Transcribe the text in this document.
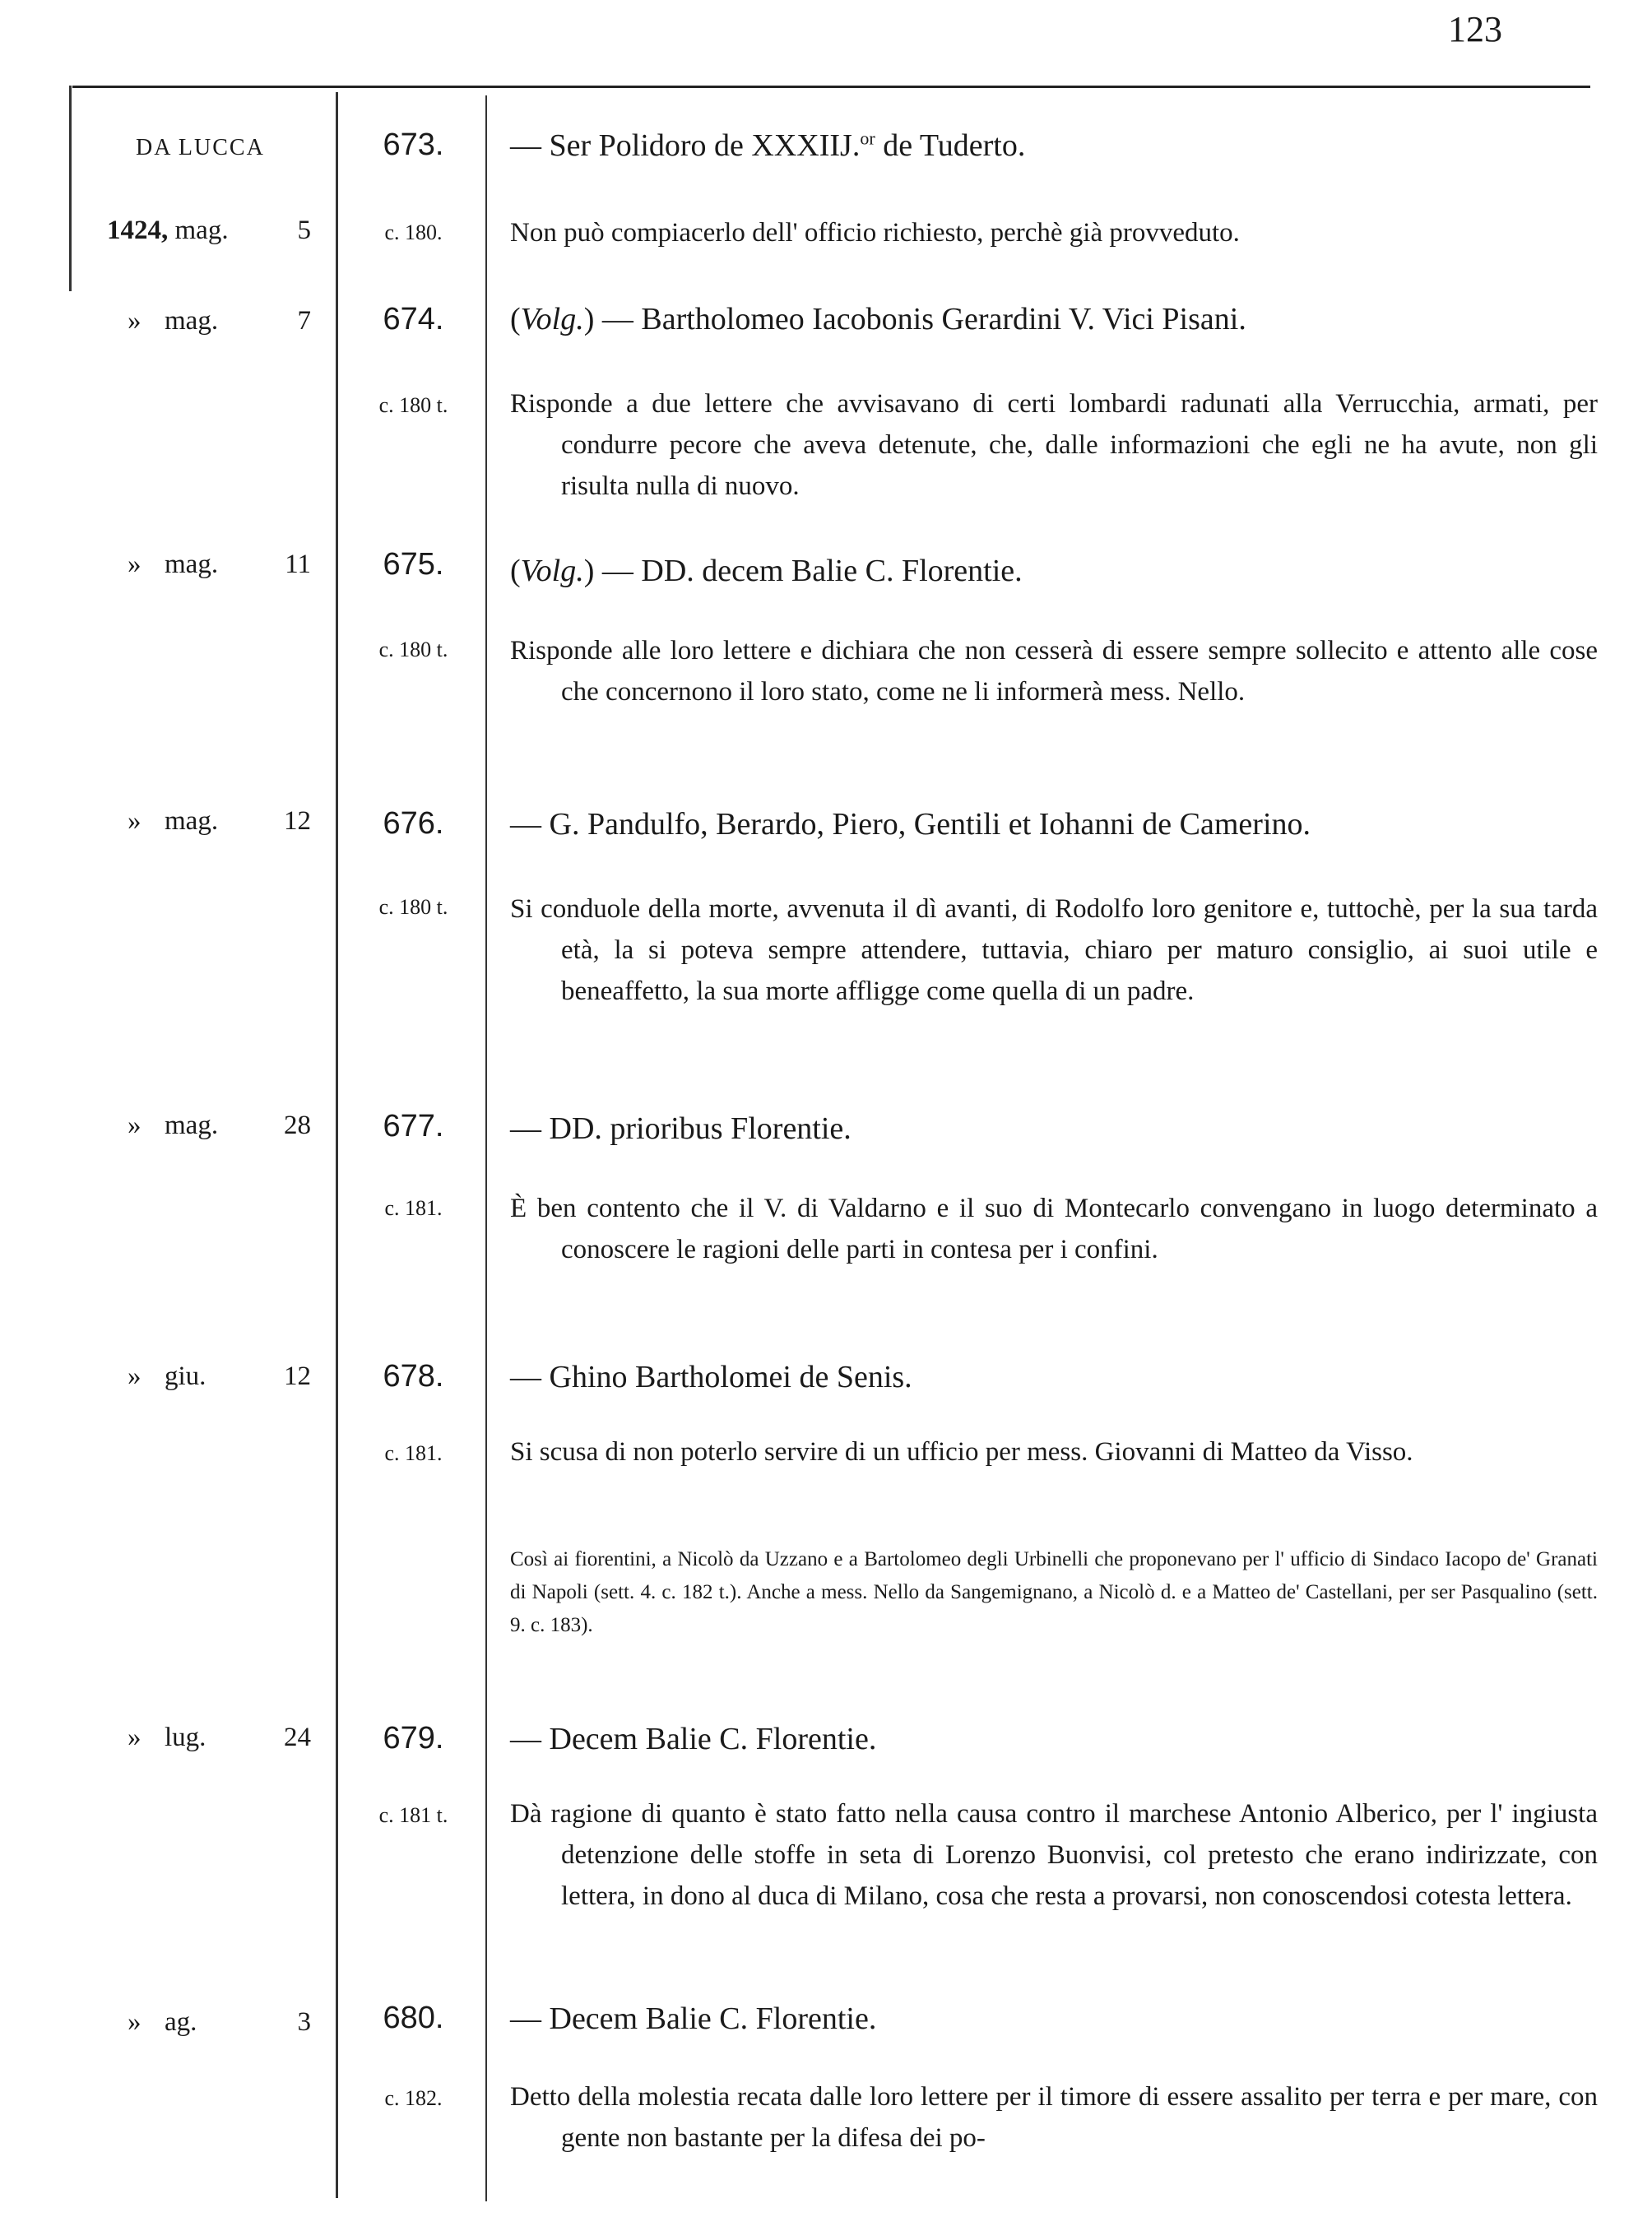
123
DA LUCCA	673.	— Ser Polidoro de XXXIIJ.$^{or}$ de Tuderto.
1424, mag.	5	c. 180.	Non può compiacerlo dell' officio richiesto, perchè già provveduto.
» mag.	7	674.	(Volg.) — Bartholomeo Iacobonis Gerardini V. Vici Pisani.
c. 180 t.	Risponde a due lettere che avvisavano di certi lombardi radunati alla Verrucchia, armati, per condurre pecore che aveva detenute, che, dalle informazioni che egli ne ha avute, non gli risulta nulla di nuovo.
» mag. 11	675.	(Volg.) — DD. decem Balie C. Florentie.
c. 180 t.	Risponde alle loro lettere e dichiara che non cesserà di essere sempre sollecito e attento alle cose che concernono il loro stato, come ne li informerà mess. Nello.
» mag. 12	676.	— G. Pandulfo, Berardo, Piero, Gentili et Iohanni de Camerino.
c. 180 t.	Si conduole della morte, avvenuta il dì avanti, di Rodolfo loro genitore e, tuttochè, per la sua tarda età, la si poteva sempre attendere, tuttavia, chiaro per maturo consiglio, ai suoi utile e beneaffetto, la sua morte affligge come quella di un padre.
» mag. 28	677.	— DD. prioribus Florentie.
c. 181.	È ben contento che il V. di Valdarno e il suo di Montecarlo convengano in luogo determinato a conoscere le ragioni delle parti in contesa per i confini.
» giu.	12	678.	— Ghino Bartholomei de Senis.
c. 181.	Si scusa di non poterlo servire di un ufficio per mess. Giovanni di Matteo da Visso.
Così ai fiorentini, a Nicolò da Uzzano e a Bartolomeo degli Urbinelli che proponevano per l' ufficio di Sindaco Iacopo de' Granati di Napoli (sett. 4. c. 182 t.). Anche a mess. Nello da Sangemignano, a Nicolò d. e a Matteo de' Castellani, per ser Pasqualino (sett. 9. c. 183).
» lug.	24	679.	— Decem Balie C. Florentie.
c. 181 t.	Dà ragione di quanto è stato fatto nella causa contro il marchese Antonio Alberico, per l' ingiusta detenzione delle stoffe in seta di Lorenzo Buonvisi, col pretesto che erano indirizzate, con lettera, in dono al duca di Milano, cosa che resta a provarsi, non conoscendosi cotesta lettera.
» ag.	3	680.	— Decem Balie C. Florentie.
c. 182.	Detto della molestia recata dalle loro lettere per il timore di essere assalito per terra e per mare, con gente non bastante per la difesa dei po-
